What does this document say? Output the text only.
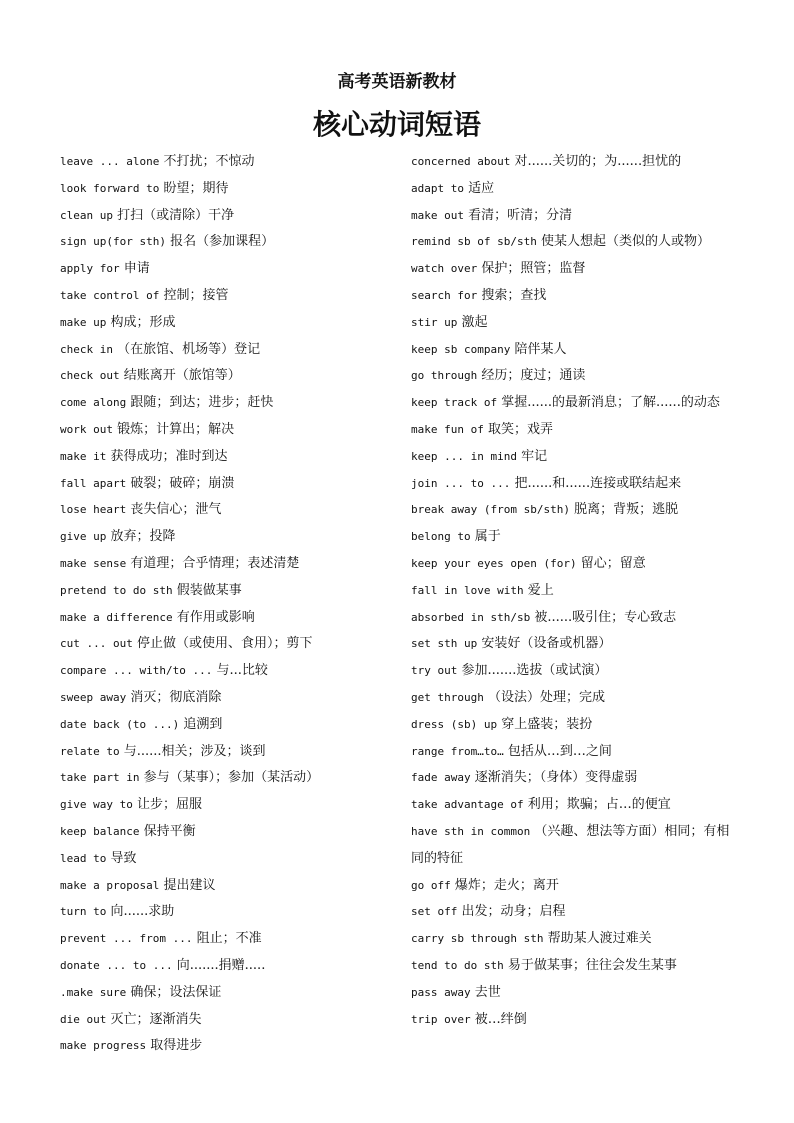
高考英语新教材
核心动词短语
leave ... alone 不打扰；不惊动
look forward to 盼望；期待
clean up 打扫（或清除）干净
sign up(for sth) 报名（参加课程）
apply for 申请
take control of 控制；接管
make up 构成；形成
check in （在旅馆、机场等）登记
check out 结账离开（旅馆等）
come along 跟随；到达；进步；赶快
work out 锻炼；计算出；解决
make it 获得成功；准时到达
fall apart 破裂；破碎；崩溃
lose heart 丧失信心；泄气
give up 放弃；投降
make sense 有道理；合乎情理；表述清楚
pretend to do sth 假装做某事
make a difference 有作用或影响
cut ... out 停止做（或使用、食用）；剪下
compare ... with/to ... 与...比较
sweep away 消灭；彻底消除
date back (to ...) 追溯到
relate to 与......相关；涉及；谈到
take part in 参与（某事）；参加（某活动）
give way to 让步；屈服
keep balance 保持平衡
lead to 导致
make a proposal 提出建议
turn to 向......求助
prevent ... from ... 阻止；不准
donate ... to ... 向.......捐赠.....
.make sure 确保；设法保证
die out 灭亡；逐渐消失
make progress 取得进步
concerned about 对......关切的；为......担忧的
adapt to 适应
make out 看清；听清；分清
remind sb of sb/sth 使某人想起（类似的人或物）
watch over 保护；照管；监督
search for 搜索；查找
stir up 激起
keep sb company 陪伴某人
go through 经历；度过；通读
keep track of 掌握......的最新消息；了解......的动态
make fun of 取笑；戏弄
keep ... in mind 牢记
join ... to ... 把......和......连接或联结起来
break away (from sb/sth) 脱离；背叛；逃脱
belong to 属于
keep your eyes open (for) 留心；留意
fall in love with 爱上
absorbed in sth/sb 被......吸引住；专心致志
set sth up 安装好（设备或机器）
try out 参加.......选拔（或试演）
get through （设法）处理；完成
dress (sb) up 穿上盛装；装扮
range from…to… 包括从…到…之间
fade away 逐渐消失；（身体）变得虚弱
take advantage of 利用；欺骗；占…的便宜
have sth in common （兴趣、想法等方面）相同；有相同的特征
go off 爆炸；走火；离开
set off 出发；动身；启程
carry sb through sth 帮助某人渡过难关
tend to do sth 易于做某事；往往会发生某事
pass away 去世
trip over 被…绊倒
